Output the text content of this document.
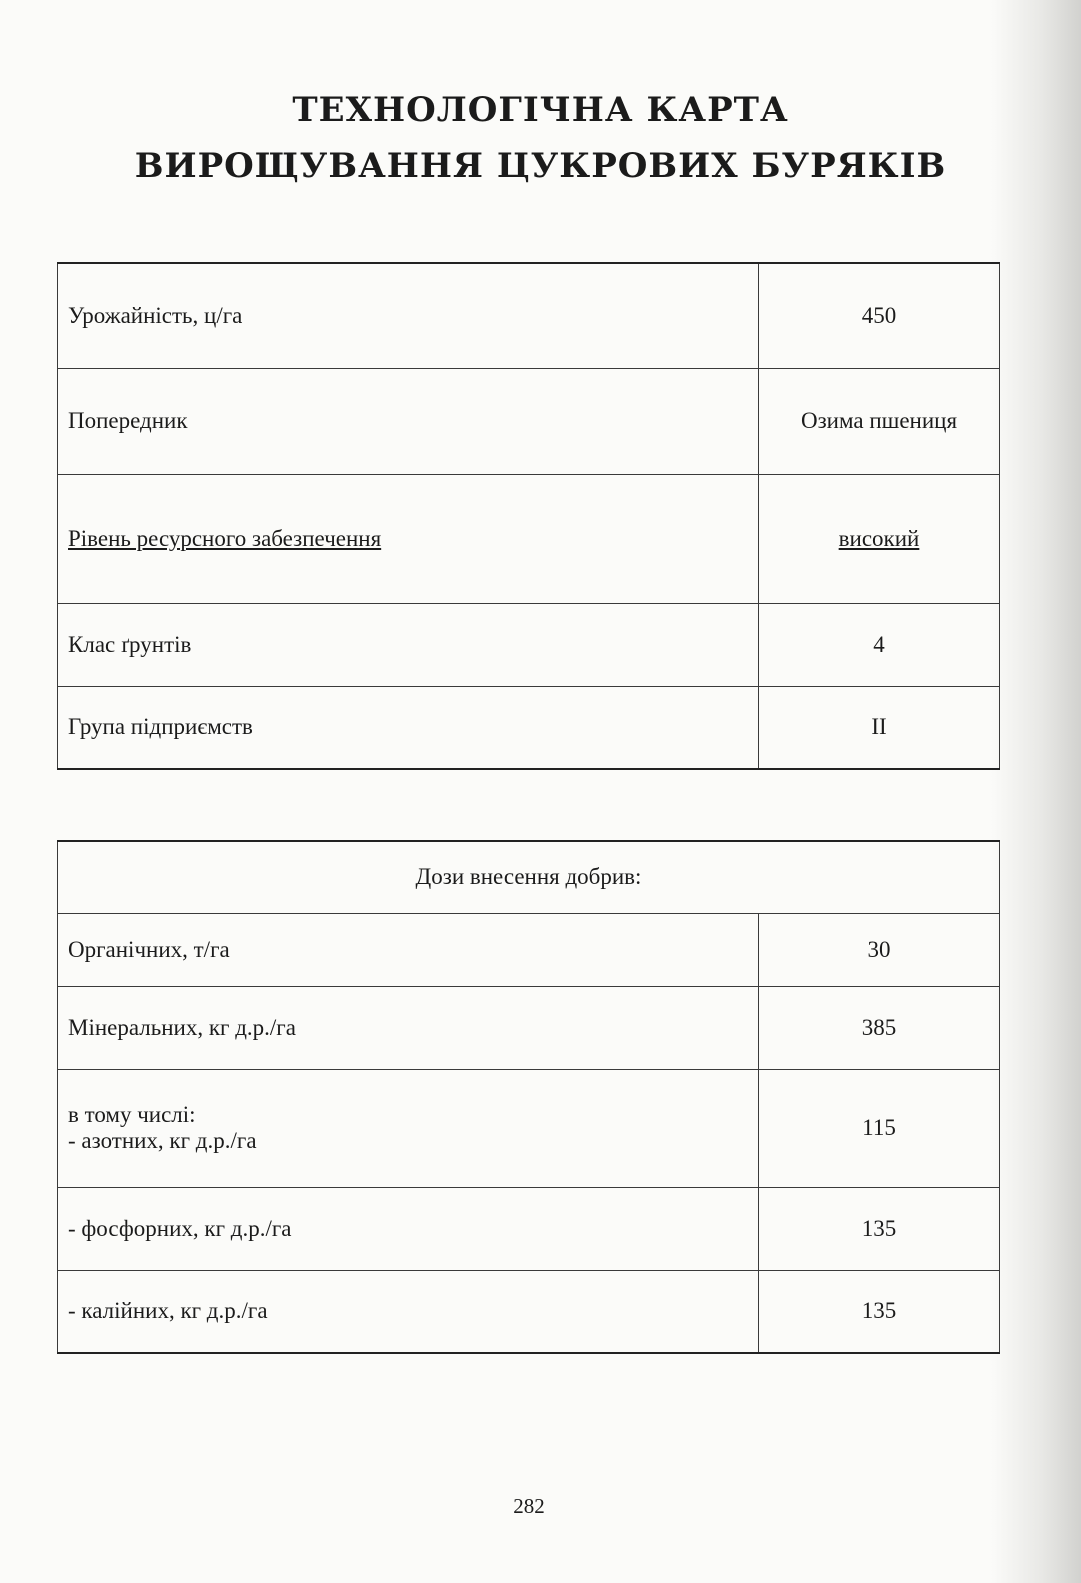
ТЕХНОЛОГІЧНА КАРТА
ВИРОЩУВАННЯ ЦУКРОВИХ БУРЯКІВ
Урожайність, ц/га	450
Попередник	Озима пшениця
Рівень ресурсного забезпечення	високий
Клас ґрунтів	4
Група підприємств	II
Дози внесення добрив:	
Органічних, т/га	30
Мінеральних, кг д.р./га	385

в тому числі:
- азотних, кг д.р./га	115
- фосфорних, кг д.р./га	135
- калійних, кг д.р./га	135
282
